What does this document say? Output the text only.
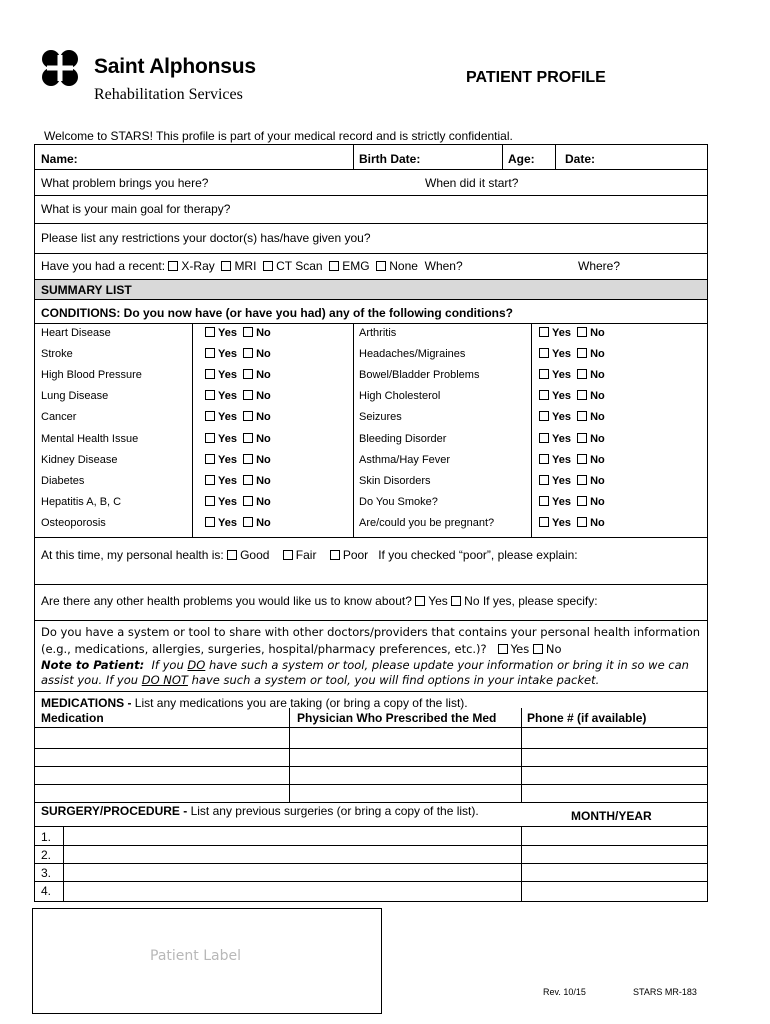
Saint Alphonsus
Rehabilitation Services
PATIENT PROFILE
Welcome to STARS! This profile is part of your medical record and is strictly confidential.
Name:	Birth Date:	Age:	Date:
What problem brings you here?	When did it start?
What is your main goal for therapy?
Please list any restrictions your doctor(s) has/have given you?
Have you had a recent: X-Ray MRI CT Scan EMG None When?	Where?
SUMMARY LIST
CONDITIONS: Do you now have (or have you had) any of the following conditions?
Heart Disease	Yes No
Stroke	Yes No
High Blood Pressure	Yes No
Lung Disease	Yes No
Cancer	Yes No
Mental Health Issue	Yes No
Kidney Disease	Yes No
Diabetes	Yes No
Hepatitis A, B, C	Yes No
Osteoporosis	Yes No
Arthritis	Yes No
Headaches/Migraines	Yes No
Bowel/Bladder Problems	Yes No
High Cholesterol	Yes No
Seizures	Yes No
Bleeding Disorder	Yes No
Asthma/Hay Fever	Yes No
Skin Disorders	Yes No
Do You Smoke?	Yes No
Are/could you be pregnant?	Yes No
At this time, my personal health is: Good Fair Poor If you checked “poor”, please explain:
Are there any other health problems you would like us to know about? Yes No If yes, please specify:
Do you have a system or tool to share with other doctors/providers that contains your personal health information
(e.g., medications, allergies, surgeries, hospital/pharmacy preferences, etc.)? Yes No
Note to Patient: If you DO have such a system or tool, please update your information or bring it in so we can
assist you. If you DO NOT have such a system or tool, you will find options in your intake packet.
MEDICATIONS - List any medications you are taking (or bring a copy of the list).
Medication	Physician Who Prescribed the Med	Phone # (if available)
SURGERY/PROCEDURE - List any previous surgeries (or bring a copy of the list).	MONTH/YEAR
1.
2.
3.
4.
Patient Label
Rev. 10/15	STARS MR-183
